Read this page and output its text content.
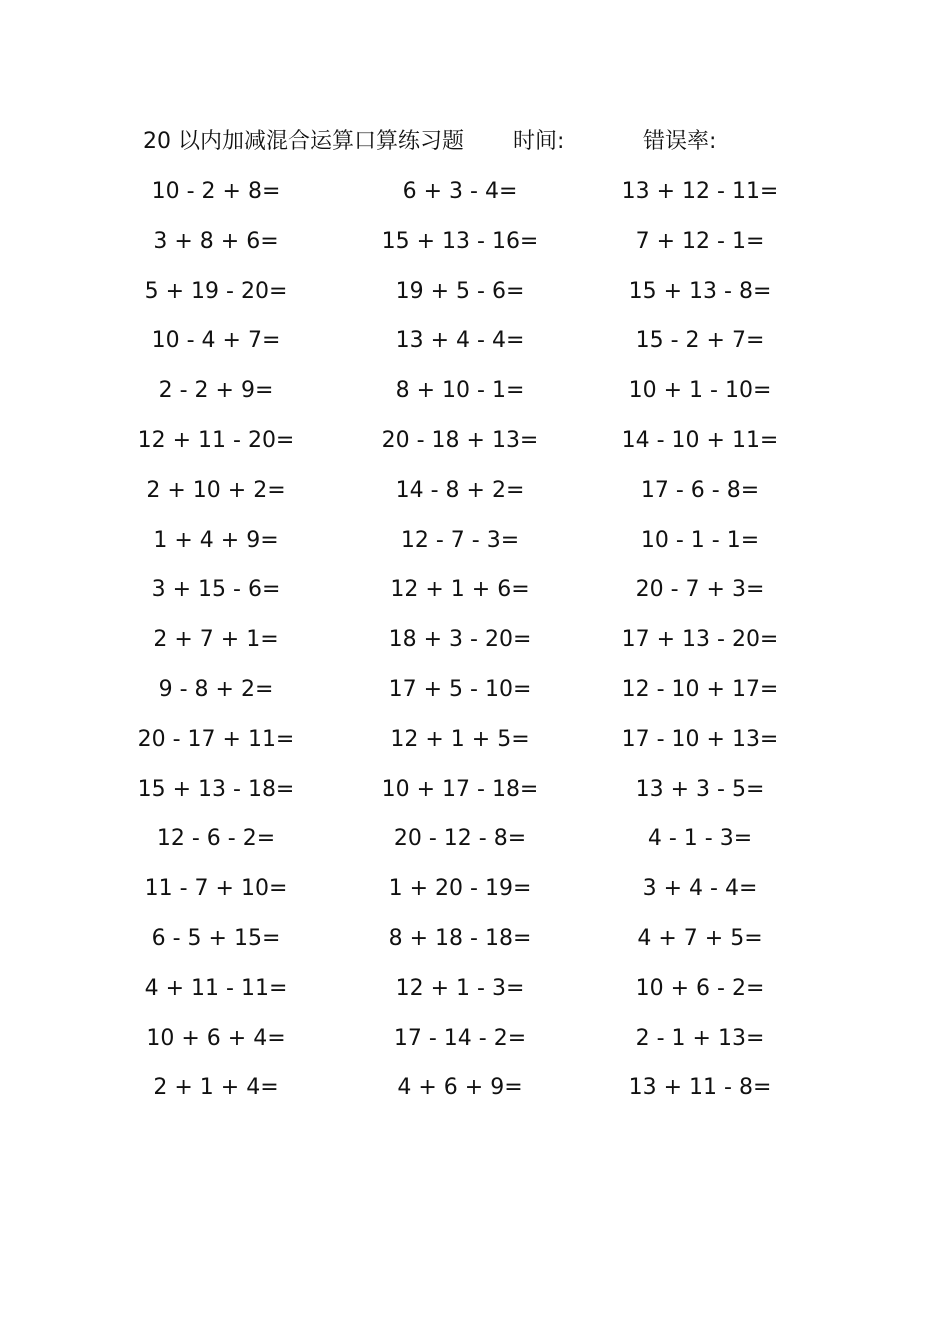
20 以内加减混合运算口算练习题 时间:	错误率:
10 - 2 + 8=	6 + 3 - 4=	13 + 12 - 11=
3 + 8 + 6=	15 + 13 - 16=	7 + 12 - 1=
5 + 19 - 20=	19 + 5 - 6=	15 + 13 - 8=
10 - 4 + 7=	13 + 4 - 4=	15 - 2 + 7=
2 - 2 + 9=	8 + 10 - 1=	10 + 1 - 10=
12 + 11 - 20=	20 - 18 + 13=	14 - 10 + 11=
2 + 10 + 2=	14 - 8 + 2=	17 - 6 - 8=
1 + 4 + 9=	12 - 7 - 3=	10 - 1 - 1=
3 + 15 - 6=	12 + 1 + 6=	20 - 7 + 3=
2 + 7 + 1=	18 + 3 - 20=	17 + 13 - 20=
9 - 8 + 2=	17 + 5 - 10=	12 - 10 + 17=
20 - 17 + 11=	12 + 1 + 5=	17 - 10 + 13=
15 + 13 - 18=	10 + 17 - 18=	13 + 3 - 5=
12 - 6 - 2=	20 - 12 - 8=	4 - 1 - 3=
11 - 7 + 10=	1 + 20 - 19=	3 + 4 - 4=
6 - 5 + 15=	8 + 18 - 18=	4 + 7 + 5=
4 + 11 - 11=	12 + 1 - 3=	10 + 6 - 2=
10 + 6 + 4=	17 - 14 - 2=	2 - 1 + 13=
2 + 1 + 4=	4 + 6 + 9=	13 + 11 - 8=
